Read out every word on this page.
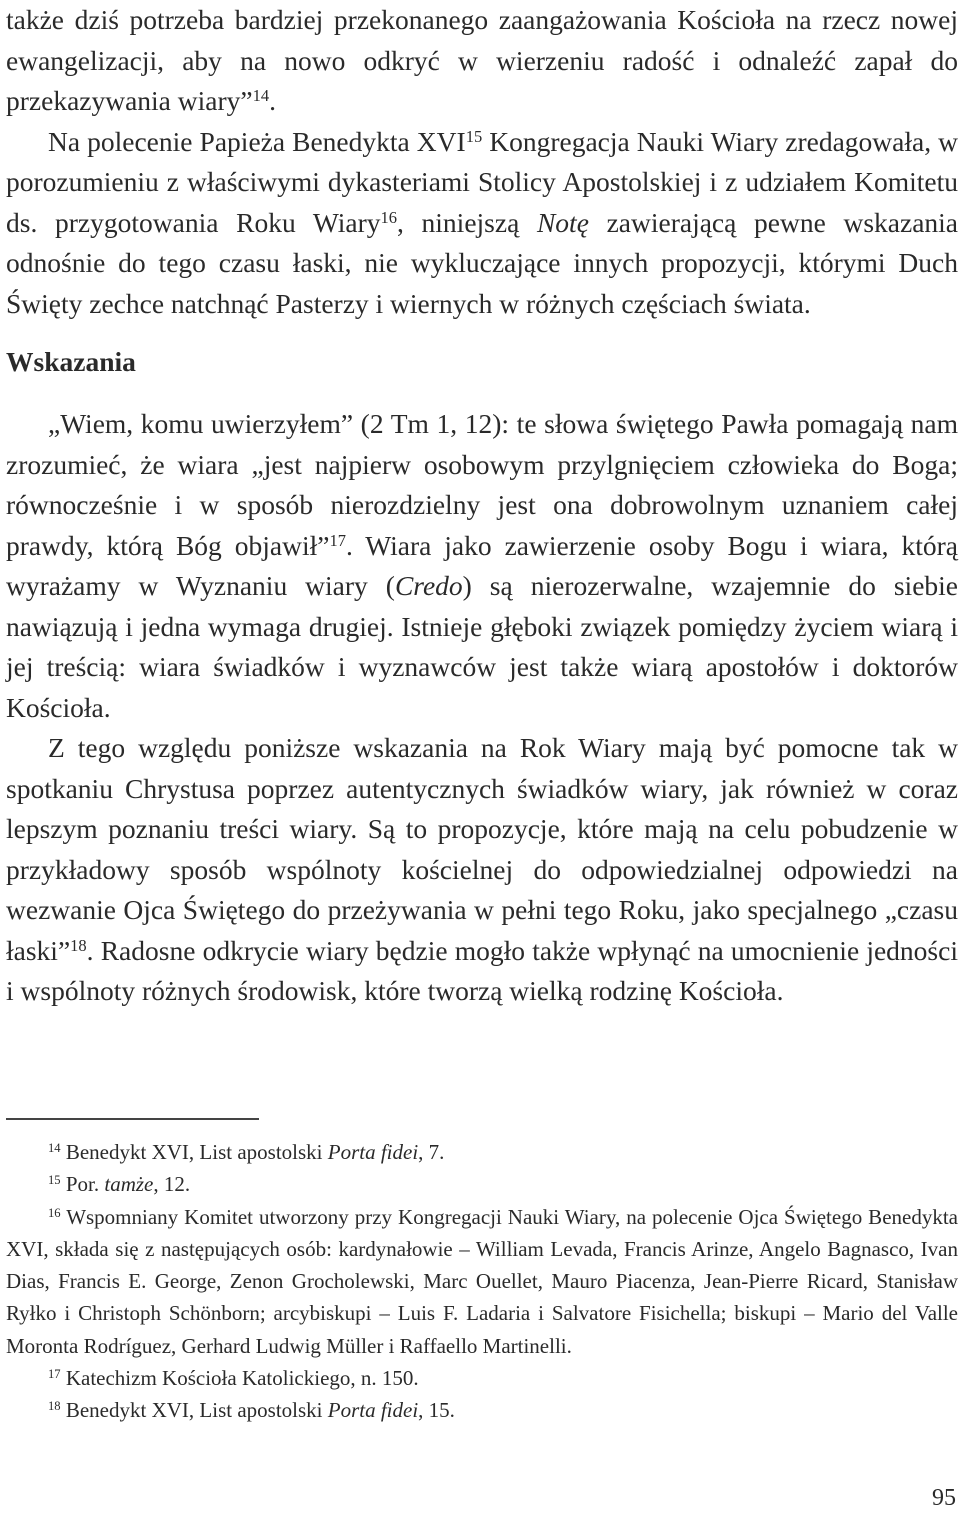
także dziś potrzeba bardziej przekonanego zaangażowania Kościoła na rzecz nowej ewangelizacji, aby na nowo odkryć w wierzeniu radość i odnaleźć zapał do przekazywania wiary”$^{14}$.

Na polecenie Papieża Benedykta XVI$^{15}$ Kongregacja Nauki Wiary zredagowała, w porozumieniu z właściwymi dykasteriami Stolicy Apostolskiej i z udziałem Komitetu ds. przygotowania Roku Wiary$^{16}$, niniejszą Notę zawierającą pewne wskazania odnośnie do tego czasu łaski, nie wykluczające innych propozycji, którymi Duch Święty zechce natchnąć Pasterzy i wiernych w różnych częściach świata.

Wskazania

„Wiem, komu uwierzyłem” (2 Tm 1, 12): te słowa świętego Pawła pomagają nam zrozumieć, że wiara „jest najpierw osobowym przylgnięciem człowieka do Boga; równocześnie i w sposób nierozdzielny jest ona dobrowolnym uznaniem całej prawdy, którą Bóg objawił”$^{17}$. Wiara jako zawierzenie osoby Bogu i wiara, którą wyrażamy w Wyznaniu wiary (Credo) są nierozerwalne, wzajemnie do siebie nawiązują i jedna wymaga drugiej. Istnieje głęboki związek pomiędzy życiem wiarą i jej treścią: wiara świadków i wyznawców jest także wiarą apostołów i doktorów Kościoła.

Z tego względu poniższe wskazania na Rok Wiary mają być pomocne tak w spotkaniu Chrystusa poprzez autentycznych świadków wiary, jak również w coraz lepszym poznaniu treści wiary. Są to propozycje, które mają na celu pobudzenie w przykładowy sposób wspólnoty kościelnej do odpowiedzialnej odpowiedzi na wezwanie Ojca Świętego do przeżywania w pełni tego Roku, jako specjalnego „czasu łaski”$^{18}$. Radosne odkrycie wiary będzie mogło także wpłynąć na umocnienie jedności i wspólnoty różnych środowisk, które tworzą wielką rodzinę Kościoła.

$^{14}$ Benedykt XVI, List apostolski Porta fidei, 7.

$^{15}$ Por. tamże, 12.

$^{16}$ Wspomniany Komitet utworzony przy Kongregacji Nauki Wiary, na polecenie Ojca Świętego Benedykta XVI, składa się z następujących osób: kardynałowie – William Levada, Francis Arinze, Angelo Bagnasco, Ivan Dias, Francis E. George, Zenon Grocholewski, Marc Ouellet, Mauro Piacenza, Jean-Pierre Ricard, Stanisław Ryłko i Christoph Schönborn; arcybiskupi – Luis F. Ladaria i Salvatore Fisichella; biskupi – Mario del Valle Moronta Rodríguez, Gerhard Ludwig Müller i Raffaello Martinelli.

$^{17}$ Katechizm Kościoła Katolickiego, n. 150.

$^{18}$ Benedykt XVI, List apostolski Porta fidei, 15.

95
